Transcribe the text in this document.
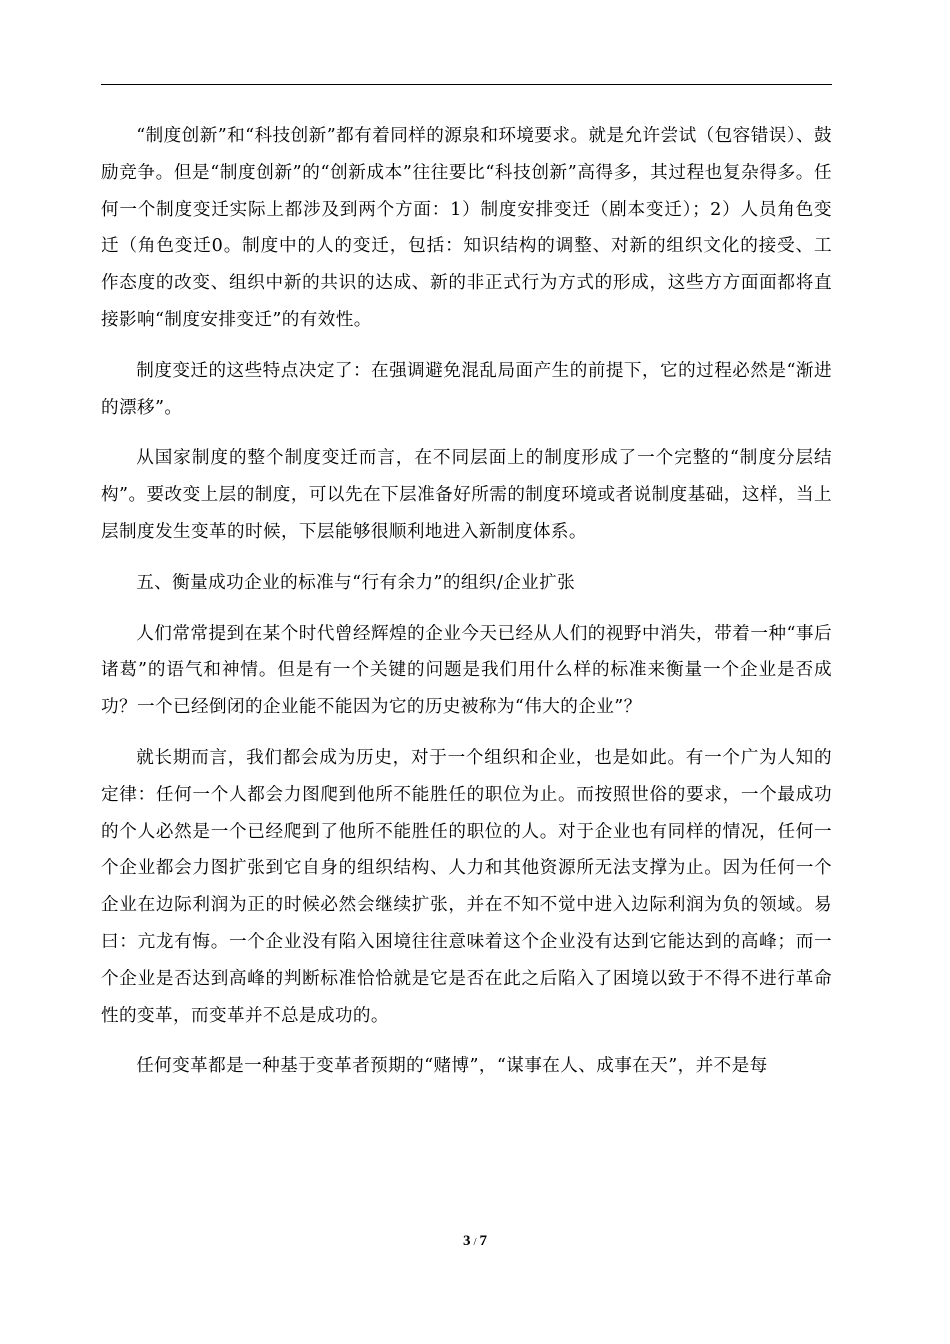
“制度创新”和“科技创新”都有着同样的源泉和环境要求。就是允许尝试（包容错误）、鼓励竞争。但是“制度创新”的“创新成本”往往要比“科技创新”高得多，其过程也复杂得多。任何一个制度变迁实际上都涉及到两个方面：1）制度安排变迁（剧本变迁）；2）人员角色变迁（角色变迁0。制度中的人的变迁，包括：知识结构的调整、对新的组织文化的接受、工作态度的改变、组织中新的共识的达成、新的非正式行为方式的形成，这些方方面面都将直接影响“制度安排变迁”的有效性。

制度变迁的这些特点决定了：在强调避免混乱局面产生的前提下，它的过程必然是“渐进的漂移”。

从国家制度的整个制度变迁而言，在不同层面上的制度形成了一个完整的“制度分层结构”。要改变上层的制度，可以先在下层准备好所需的制度环境或者说制度基础，这样，当上层制度发生变革的时候，下层能够很顺利地进入新制度体系。

五、衡量成功企业的标准与“行有余力”的组织/企业扩张

人们常常提到在某个时代曾经辉煌的企业今天已经从人们的视野中消失，带着一种“事后诸葛”的语气和神情。但是有一个关键的问题是我们用什么样的标准来衡量一个企业是否成功？一个已经倒闭的企业能不能因为它的历史被称为“伟大的企业”？

就长期而言，我们都会成为历史，对于一个组织和企业，也是如此。有一个广为人知的定律：任何一个人都会力图爬到他所不能胜任的职位为止。而按照世俗的要求，一个最成功的个人必然是一个已经爬到了他所不能胜任的职位的人。对于企业也有同样的情况，任何一个企业都会力图扩张到它自身的组织结构、人力和其他资源所无法支撑为止。因为任何一个企业在边际利润为正的时候必然会继续扩张，并在不知不觉中进入边际利润为负的领域。易曰：亢龙有悔。一个企业没有陷入困境往往意味着这个企业没有达到它能达到的高峰；而一个企业是否达到高峰的判断标准恰恰就是它是否在此之后陷入了困境以致于不得不进行革命性的变革，而变革并不总是成功的。

任何变革都是一种基于变革者预期的“赌博”，“谋事在人、成事在天”，并不是每

3 / 7
